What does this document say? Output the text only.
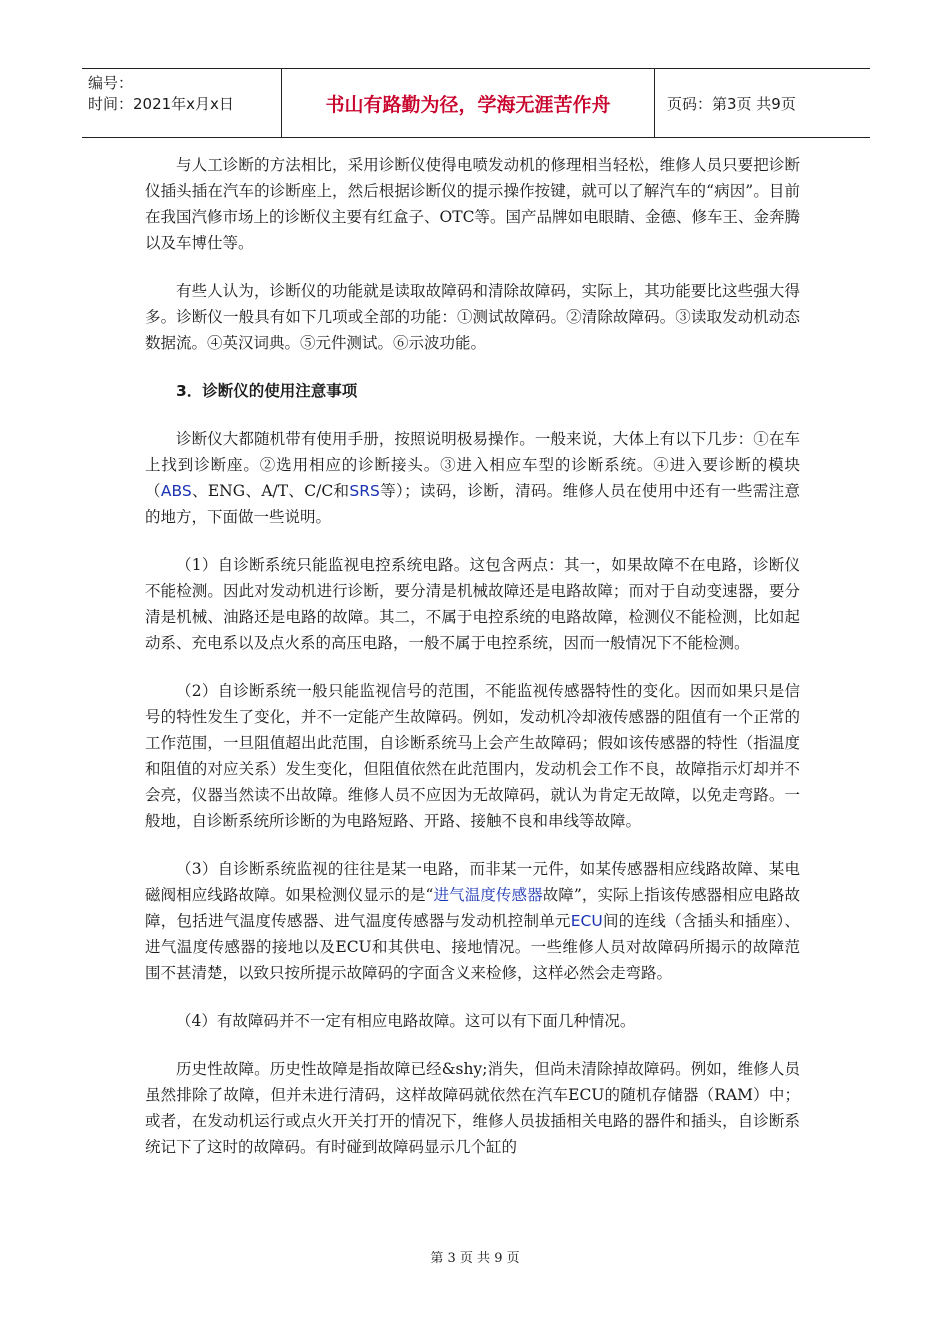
编号：
时间：2021年x月x日	书山有路勤为径，学海无涯苦作舟	页码：第3页 共9页

与人工诊断的方法相比，采用诊断仪使得电喷发动机的修理相当轻松，维修人员只要把诊断仪插头插在汽车的诊断座上，然后根据诊断仪的提示操作按键，就可以了解汽车的“病因”。目前在我国汽修市场上的诊断仪主要有红盒子、OTC等。国产品牌如电眼睛、金德、修车王、金奔腾以及车博仕等。

有些人认为，诊断仪的功能就是读取故障码和清除故障码，实际上，其功能要比这些强大得多。诊断仪一般具有如下几项或全部的功能：①测试故障码。②清除故障码。③读取发动机动态数据流。④英汉词典。⑤元件测试。⑥示波功能。

3．诊断仪的使用注意事项

诊断仪大都随机带有使用手册，按照说明极易操作。一般来说，大体上有以下几步：①在车上找到诊断座。②选用相应的诊断接头。③进入相应车型的诊断系统。④进入要诊断的模块（ABS、ENG、A/T、C/C和SRS等）；读码，诊断，清码。维修人员在使用中还有一些需注意的地方，下面做一些说明。

（1）自诊断系统只能监视电控系统电路。这包含两点：其一，如果故障不在电路，诊断仪不能检测。因此对发动机进行诊断，要分清是机械故障还是电路故障；而对于自动变速器，要分清是机械、油路还是电路的故障。其二，不属于电控系统的电路故障，检测仪不能检测，比如起动系、充电系以及点火系的高压电路，一般不属于电控系统，因而一般情况下不能检测。

（2）自诊断系统一般只能监视信号的范围，不能监视传感器特性的变化。因而如果只是信号的特性发生了变化，并不一定能产生故障码。例如，发动机冷却液传感器的阻值有一个正常的工作范围，一旦阻值超出此范围，自诊断系统马上会产生故障码；假如该传感器的特性（指温度和阻值的对应关系）发生变化，但阻值依然在此范围内，发动机会工作不良，故障指示灯却并不会亮，仪器当然读不出故障。维修人员不应因为无故障码，就认为肯定无故障，以免走弯路。一般地，自诊断系统所诊断的为电路短路、开路、接触不良和串线等故障。

（3）自诊断系统监视的往往是某一电路，而非某一元件，如某传感器相应线路故障、某电磁阀相应线路故障。如果检测仪显示的是“进气温度传感器故障”，实际上指该传感器相应电路故障，包括进气温度传感器、进气温度传感器与发动机控制单元ECU间的连线（含插头和插座）、进气温度传感器的接地以及ECU和其供电、接地情况。一些维修人员对故障码所揭示的故障范围不甚清楚，以致只按所提示故障码的字面含义来检修，这样必然会走弯路。

（4）有故障码并不一定有相应电路故障。这可以有下面几种情况。

历史性故障。历史性故障是指故障已经&shy;消失，但尚未清除掉故障码。例如，维修人员虽然排除了故障，但并未进行清码，这样故障码就依然在汽车ECU的随机存储器（RAM）中；或者，在发动机运行或点火开关打开的情况下，维修人员拔插相关电路的器件和插头，自诊断系统记下了这时的故障码。有时碰到故障码显示几个缸的

第 3 页 共 9 页
